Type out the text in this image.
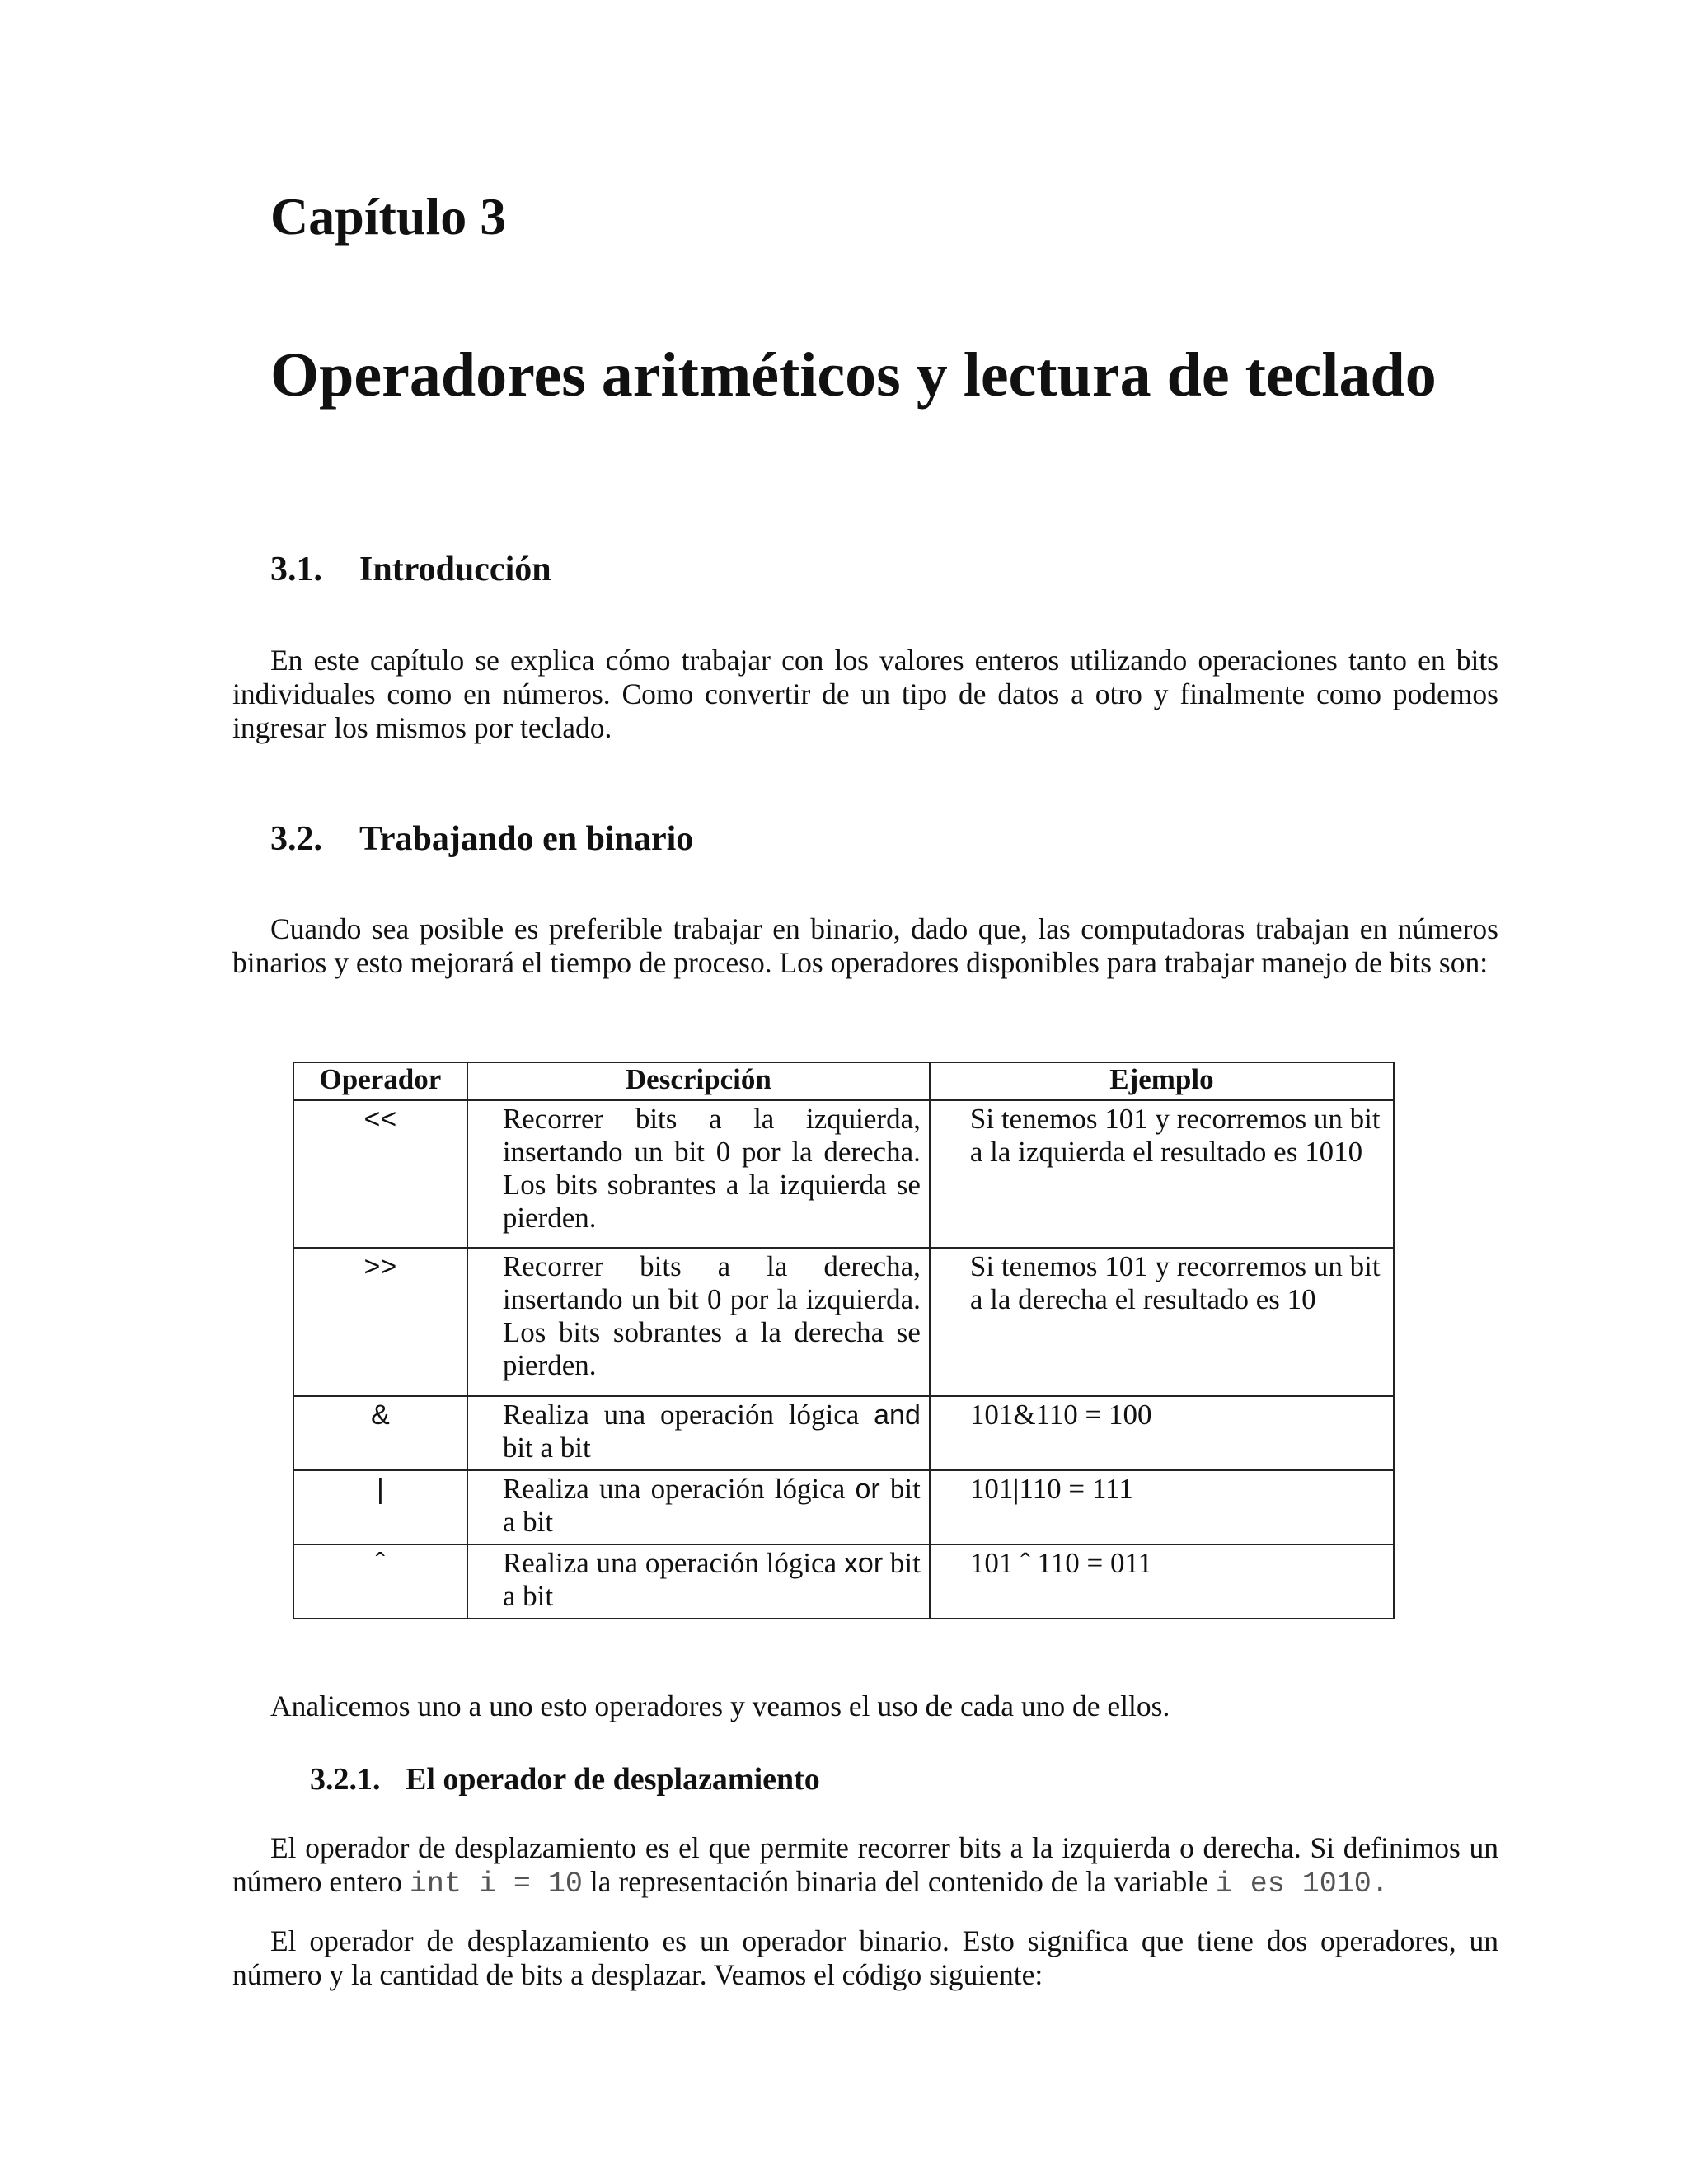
Capítulo 3
Operadores aritméticos y lectura de teclado
3.1. Introducción

En este capítulo se explica cómo trabajar con los valores enteros utilizando operaciones tanto en bits individuales como en números. Como convertir de un tipo de datos a otro y finalmente como podemos ingresar los mismos por teclado.

3.2. Trabajando en binario

Cuando sea posible es preferible trabajar en binario, dado que, las computadoras trabajan en números binarios y esto mejorará el tiempo de proceso. Los operadores disponibles para trabajar manejo de bits son:

Operador	Descripción	Ejemplo
<<	Recorrer bits a la izquierda, insertando un bit 0 por la derecha. Los bits sobrantes a la izquierda se pierden.	Si tenemos 101 y recorremos un bit a la izquierda el resultado es 1010
>>	Recorrer bits a la derecha, insertando un bit 0 por la izquierda. Los bits sobrantes a la derecha se pierden.	Si tenemos 101 y recorremos un bit a la derecha el resultado es 10
&	Realiza una operación lógica and bit a bit	101&110 = 100
|	Realiza una operación lógica or bit a bit	101|110 = 111
ˆ	Realiza una operación lógica xor bit a bit	101 ˆ 110 = 011

Analicemos uno a uno esto operadores y veamos el uso de cada uno de ellos.

3.2.1. El operador de desplazamiento

El operador de desplazamiento es el que permite recorrer bits a la izquierda o derecha. Si definimos un número entero int i = 10 la representación binaria del contenido de la variable i es 1010.

El operador de desplazamiento es un operador binario. Esto significa que tiene dos operadores, un número y la cantidad de bits a desplazar. Veamos el código siguiente:
